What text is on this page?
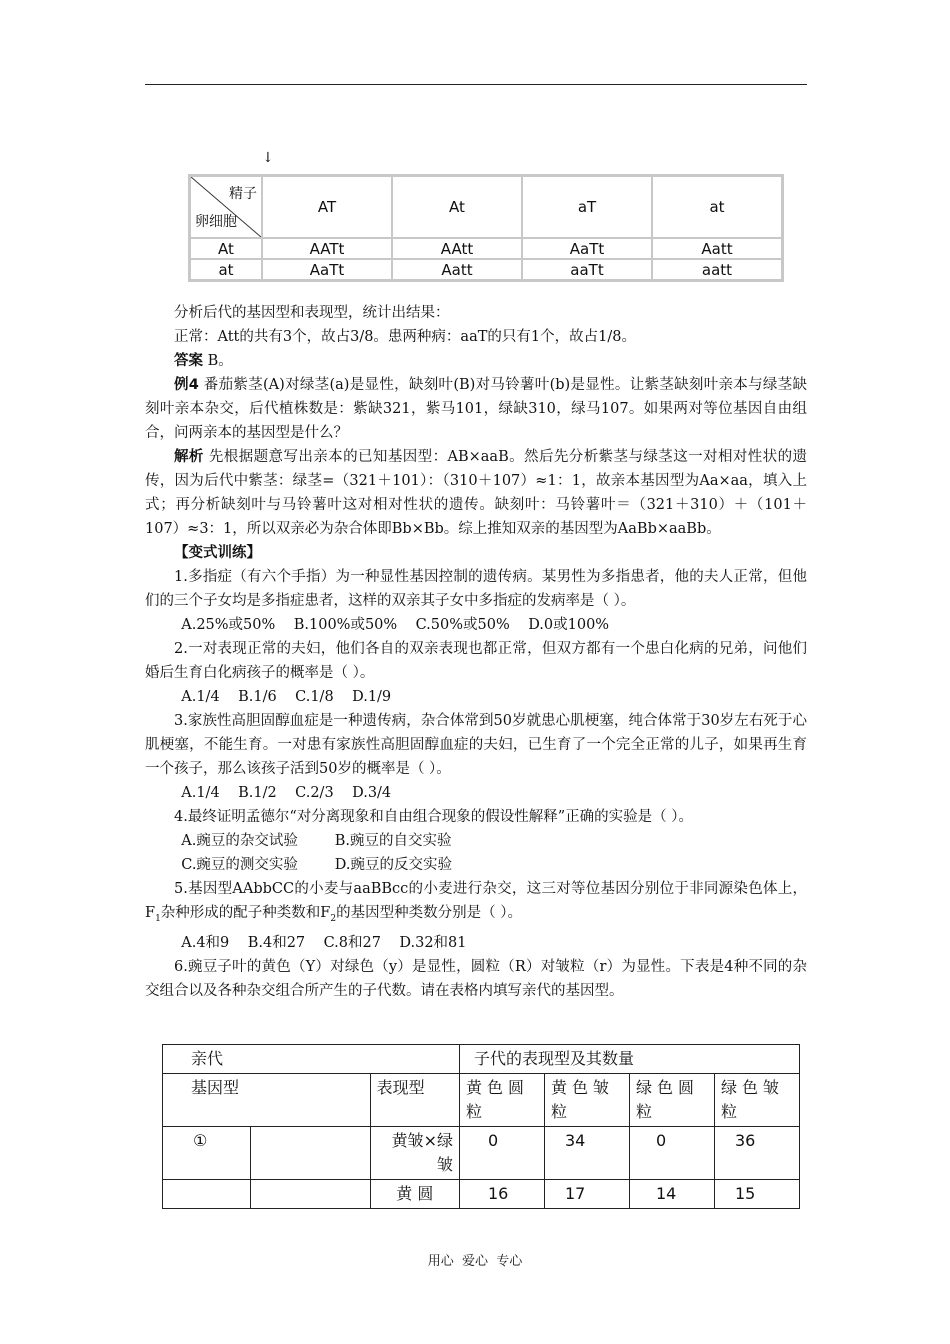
↓
精子
卵细胞	AT	At	aT	at
At	AATt	AAtt	AaTt	Aatt
at	AaTt	Aatt	aaTt	aatt

分析后代的基因型和表现型，统计出结果：

正常：Att的共有3个，故占3/8。患两种病：aaT的只有1个，故占1/8。

答案 B。

例4 番茄紫茎(A)对绿茎(a)是显性，缺刻叶(B)对马铃薯叶(b)是显性。让紫茎缺刻叶亲本与绿茎缺刻叶亲本杂交，后代植株数是：紫缺321，紫马101，绿缺310，绿马107。如果两对等位基因自由组合，问两亲本的基因型是什么？

解析 先根据题意写出亲本的已知基因型：AB×aaB。然后先分析紫茎与绿茎这一对相对性状的遗传，因为后代中紫茎：绿茎=（321＋101）：（310＋107）≈1：1，故亲本基因型为Aa×aa，填入上式；再分析缺刻叶与马铃薯叶这对相对性状的遗传。缺刻叶：马铃薯叶＝（321＋310）＋（101＋107）≈3：1，所以双亲必为杂合体即Bb×Bb。综上推知双亲的基因型为AaBb×aaBb。

【变式训练】

1.多指症（有六个手指）为一种显性基因控制的遗传病。某男性为多指患者，他的夫人正常，但他们的三个子女均是多指症患者，这样的双亲其子女中多指症的发病率是（ ）。

A.25%或50%    B.100%或50%    C.50%或50%    D.0或100%

2.一对表现正常的夫妇，他们各自的双亲表现也都正常，但双方都有一个患白化病的兄弟，问他们婚后生育白化病孩子的概率是（ ）。

A.1/4    B.1/6    C.1/8    D.1/9

3.家族性高胆固醇血症是一种遗传病，杂合体常到50岁就患心肌梗塞，纯合体常于30岁左右死于心肌梗塞，不能生育。一对患有家族性高胆固醇血症的夫妇，已生育了一个完全正常的儿子，如果再生育一个孩子，那么该孩子活到50岁的概率是（ ）。

A.1/4    B.1/2    C.2/3    D.3/4

4.最终证明孟德尔“对分离现象和自由组合现象的假设性解释”正确的实验是（ ）。

A.豌豆的杂交试验        B.豌豆的自交实验

C.豌豆的测交实验        D.豌豆的反交实验

5.基因型AAbbCC的小麦与aaBBcc的小麦进行杂交，这三对等位基因分别位于非同源染色体上，$F_1$杂种形成的配子种类数和$F_2$的基因型种类数分别是（ ）。

A.4和9    B.4和27    C.8和27    D.32和81

6.豌豆子叶的黄色（Y）对绿色（y）是显性，圆粒（R）对皱粒（r）为显性。下表是4种不同的杂交组合以及各种杂交组合所产生的子代数。请在表格内填写亲代的基因型。

亲代			子代的表现型及其数量			
基因型		表现型	黄色圆粒	黄色皱粒	绿色圆粒	绿色皱粒
①		黄皱×绿皱	0	34	0	36
		黄 圆	16	17	14	15
用心  爱心  专心
